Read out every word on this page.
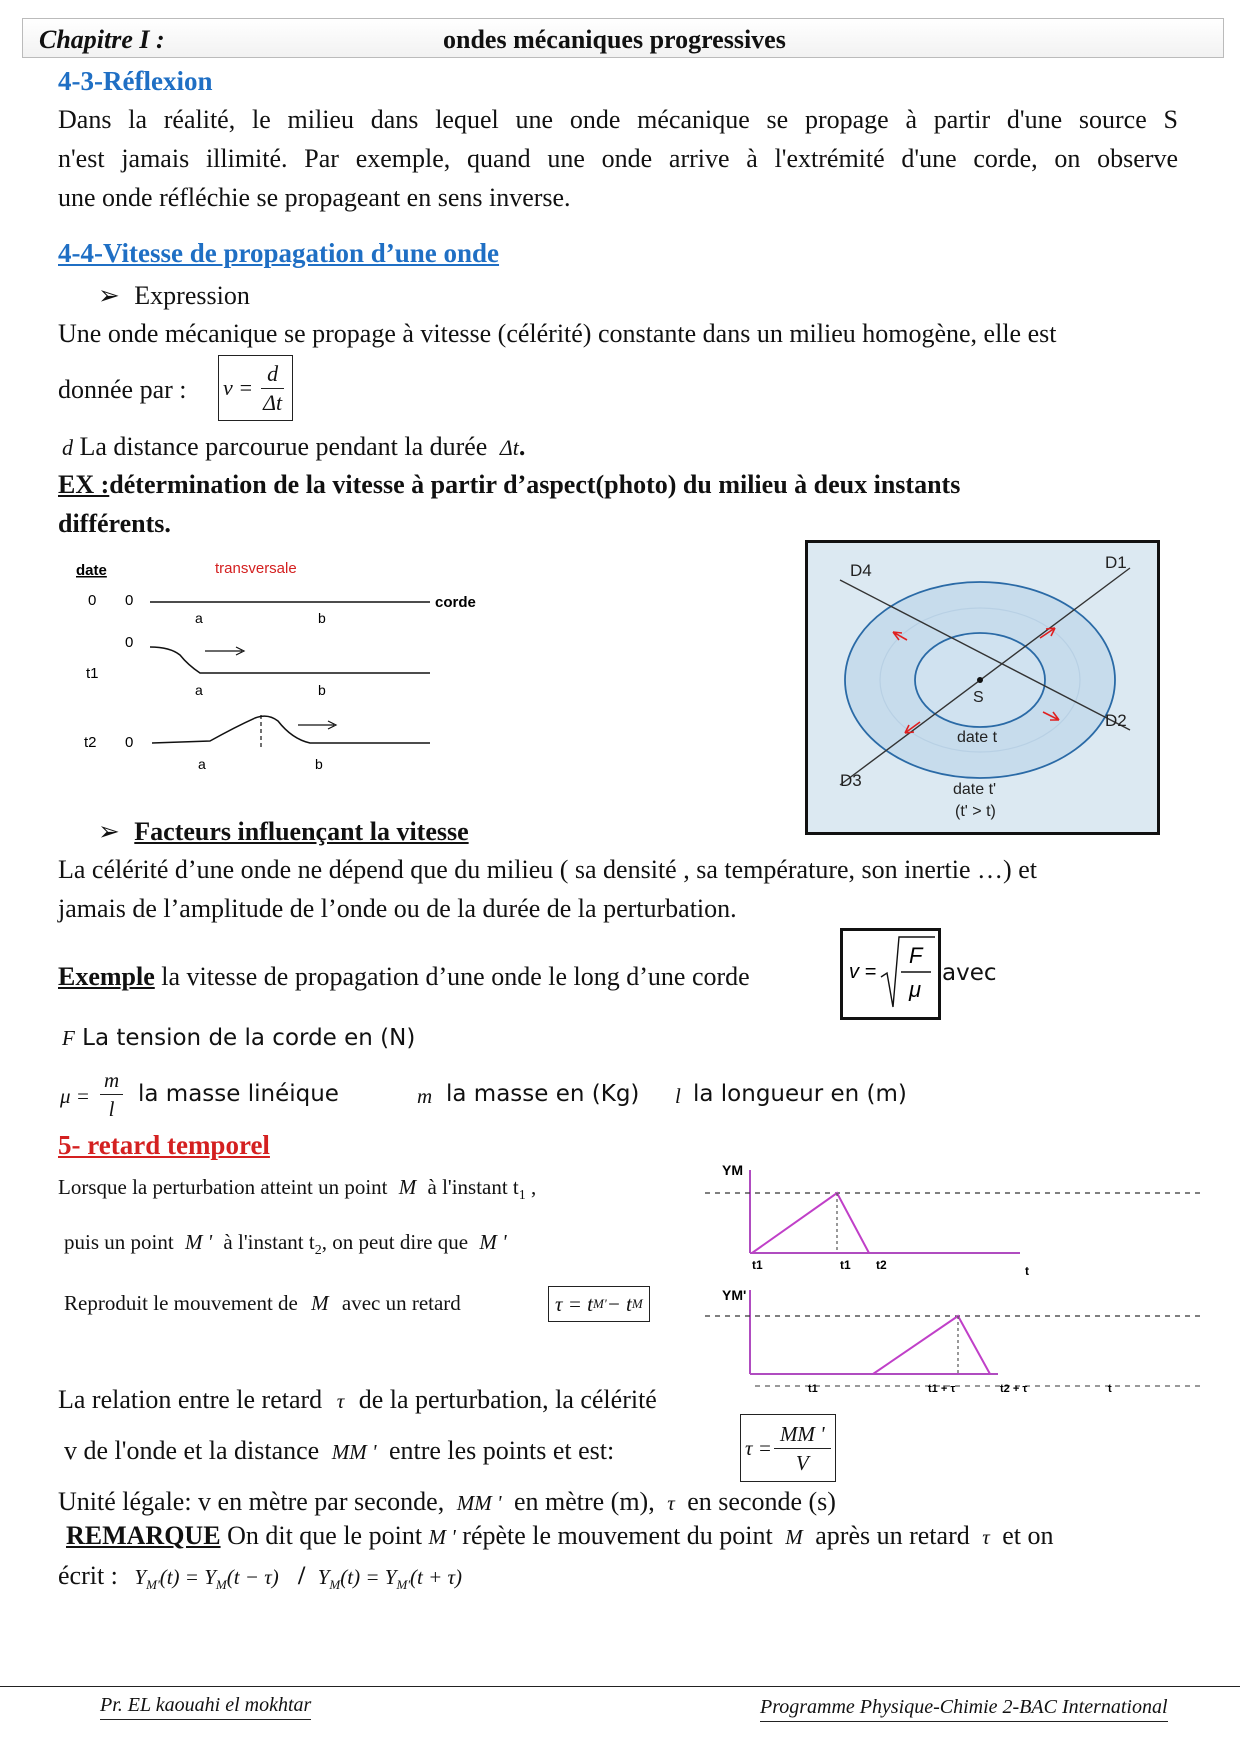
Chapitre I :	ondes mécaniques progressives
4-3-Réflexion
Dans la réalité, le milieu dans lequel une onde mécanique se propage à partir d'une source S
n'est jamais illimité. Par exemple, quand une onde arrive à l'extrémité d'une corde, on observe
une onde réfléchie se propageant en sens inverse.
4-4-Vitesse de propagation d’une onde
➢ Expression
Une onde mécanique se propage à vitesse (célérité) constante dans un milieu homogène, elle est
donnée par : $v = \frac{d}{\Delta t}$
d La distance parcourue pendant la durée Δt.
EX :détermination de la vitesse à partir d’aspect(photo) du milieu à deux instants
différents.
date	transversale
0 0	corde
a	b
0
t1
a	b
t2 0
a	b
D1
D4
D2
D3
S
date t
date t'
(t' > t)
➢ Facteurs influençant la vitesse
La célérité d’une onde ne dépend que du milieu ( sa densité , sa température, son inertie …) et
jamais de l’amplitude de l’onde ou de la durée de la perturbation.
Exemple la vitesse de propagation d’une onde le long d’une corde	v =
F
μ
avec
F La tension de la corde en (N)
$\mu = \frac{m}{l}$ la masse linéique	m la masse en (Kg) l la longueur en (m)
5- retard temporel
Lorsque la perturbation atteint un point M à l'instant $t_1$ ,
puis un point M ' à l'instant $t_2$, on peut dire que M '
Reproduit le mouvement de M avec un retard	τ = t M' − t M
La relation entre le retard τ de la perturbation, la célérité
v de l'onde et la distance MM ' entre les points et est:	$\tau = \frac{MM '}{V}$
Unité légale: v en mètre par seconde, MM ' en mètre (m), τ en seconde (s)
REMARQUE On dit que le point M ' répète le mouvement du point M après un retard τ et on
écrit : $Y_{M'}(t) = Y_M(t - \tau) / Y_M(t) = Y_{M'}(t + \tau)$
YM
t1	t1 t2	t
YM'
t1	t1 + τ	t2 + τ	t
Pr. EL kaouahi el mokhtar	Programme Physique-Chimie 2-BAC International
